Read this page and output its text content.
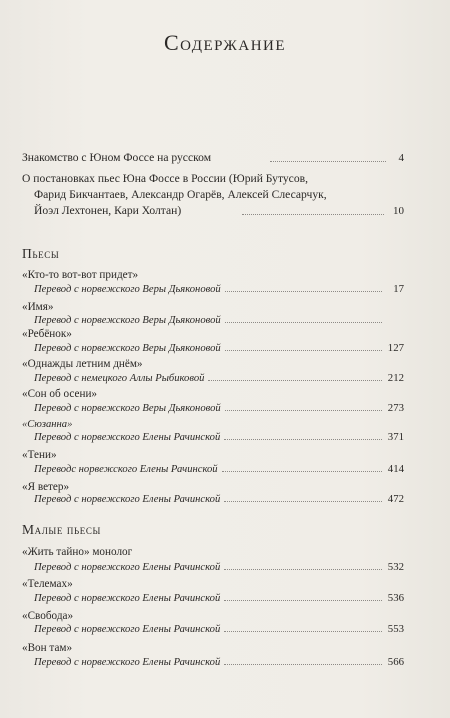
Содержание
Знакомство с Юном Фоссе на русском	4
О постановках пьес Юна Фоссе в России (Юрий Бутусов,
Фарид Бикчантаев, Александр Огарёв, Алексей Слесарчук,
Йоэл Лехтонен, Кари Холтан)	10
Пьесы
«Кто-то вот-вот придет»
Перевод с норвежского Веры Дьяконовой	17
«Имя»
Перевод с норвежского Веры Дьяконовой
«Ребёнок»
Перевод с норвежского Веры Дьяконовой	127
«Однажды летним днём»
Перевод с немецкого Аллы Рыбиковой	212
«Сон об осени»
Перевод с норвежского Веры Дьяконовой	273
«Сюзанна»
Перевод с норвежского Елены Рачинской	371
«Тени»
Переводс норвежского Елены Рачинской	414
«Я ветер»
Перевод с норвежского Елены Рачинской	472
Малые пьесы
«Жить тайно» монолог
Перевод с норвежского Елены Рачинской	532
«Телемах»
Перевод с норвежского Елены Рачинской	536
«Свобода»
Перевод с норвежского Елены Рачинской	553
«Вон там»
Перевод с норвежского Елены Рачинской	566
